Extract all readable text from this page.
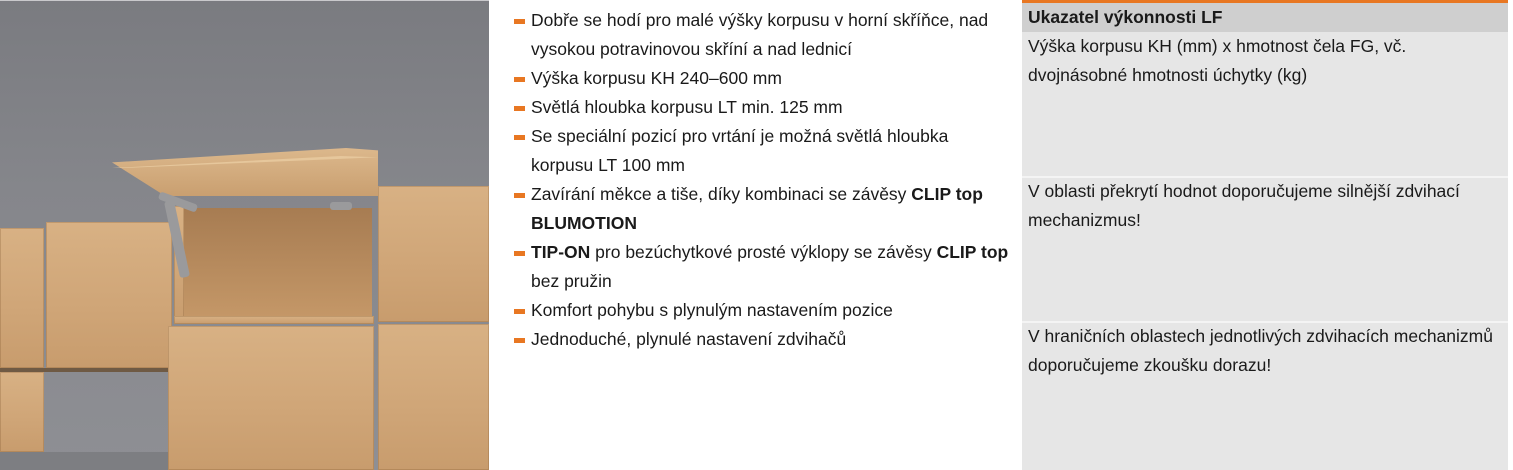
Dobře se hodí pro malé výšky korpusu v horní skříňce, nad vysokou potravinovou skříní a nad lednicí
Výška korpusu KH 240–600 mm
Světlá hloubka korpusu LT min. 125 mm
Se speciální pozicí pro vrtání je možná světlá hloubka korpusu LT 100 mm
Zavírání měkce a tiše, díky kombinaci se závěsy CLIP top BLUMOTION
TIP-ON pro bezúchytkové prosté výklopy se závěsy CLIP top bez pružin
Komfort pohybu s plynulým nastavením pozice
Jednoduché, plynulé nastavení zdvihačů
Ukazatel výkonnosti LF
Výška korpusu KH (mm) x hmotnost čela FG, vč. dvojnásobné hmotnosti úchytky (kg)
V oblasti překrytí hodnot doporučujeme silnější zdvihací mechanizmus!
V hraničních oblastech jednotlivých zdvihacích mechanizmů doporučujeme zkoušku dorazu!
